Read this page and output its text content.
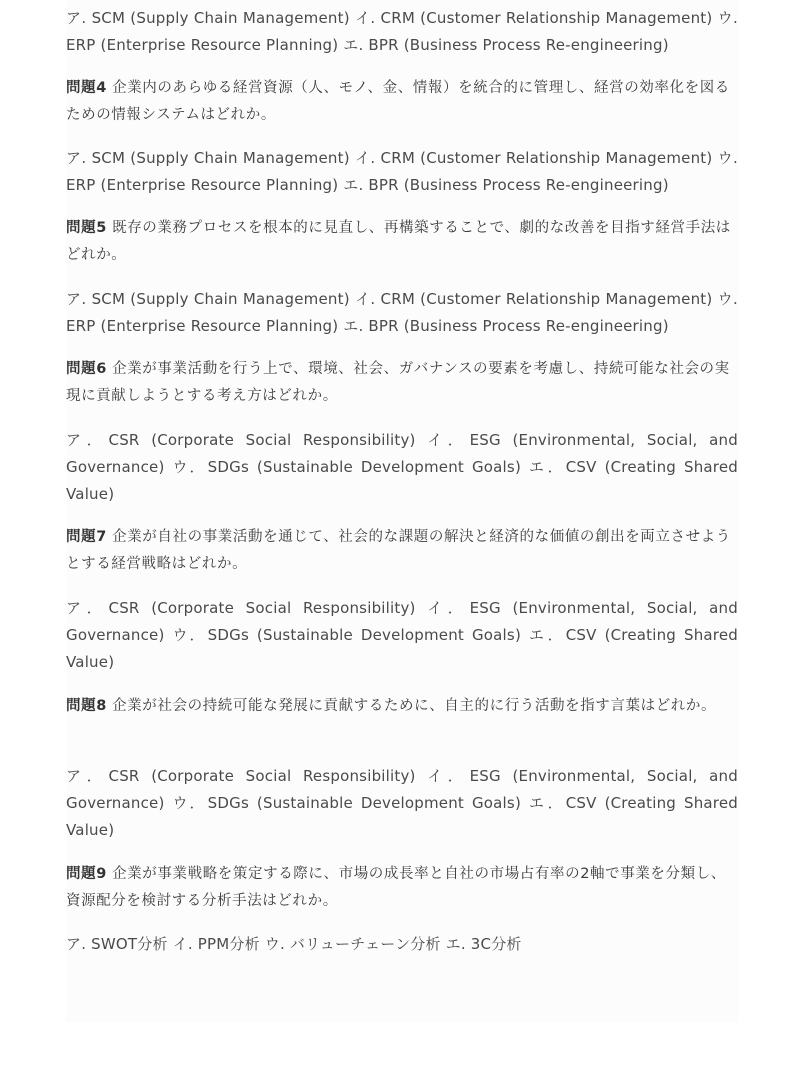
ア. SCM (Supply Chain Management) イ. CRM (Customer Relationship Management) ウ. ERP (Enterprise Resource Planning) エ. BPR (Business Process Re-engineering)

問題4 企業内のあらゆる経営資源（人、モノ、金、情報）を統合的に管理し、経営の効率化を図るための情報システムはどれか。

ア. SCM (Supply Chain Management) イ. CRM (Customer Relationship Management) ウ. ERP (Enterprise Resource Planning) エ. BPR (Business Process Re-engineering)

問題5 既存の業務プロセスを根本的に見直し、再構築することで、劇的な改善を目指す経営手法はどれか。

ア. SCM (Supply Chain Management) イ. CRM (Customer Relationship Management) ウ. ERP (Enterprise Resource Planning) エ. BPR (Business Process Re-engineering)

問題6 企業が事業活動を行う上で、環境、社会、ガバナンスの要素を考慮し、持続可能な社会の実現に貢献しようとする考え方はどれか。

ア．CSR (Corporate Social Responsibility) イ．ESG (Environmental, Social, and Governance) ウ．SDGs (Sustainable Development Goals) エ．CSV (Creating Shared Value)

問題7 企業が自社の事業活動を通じて、社会的な課題の解決と経済的な価値の創出を両立させようとする経営戦略はどれか。

ア．CSR (Corporate Social Responsibility) イ．ESG (Environmental, Social, and Governance) ウ．SDGs (Sustainable Development Goals) エ．CSV (Creating Shared Value)

問題8 企業が社会の持続可能な発展に貢献するために、自主的に行う活動を指す言葉はどれか。

ア．CSR (Corporate Social Responsibility) イ．ESG (Environmental, Social, and Governance) ウ．SDGs (Sustainable Development Goals) エ．CSV (Creating Shared Value)

問題9 企業が事業戦略を策定する際に、市場の成長率と自社の市場占有率の2軸で事業を分類し、資源配分を検討する分析手法はどれか。

ア. SWOT分析 イ. PPM分析 ウ. バリューチェーン分析 エ. 3C分析
